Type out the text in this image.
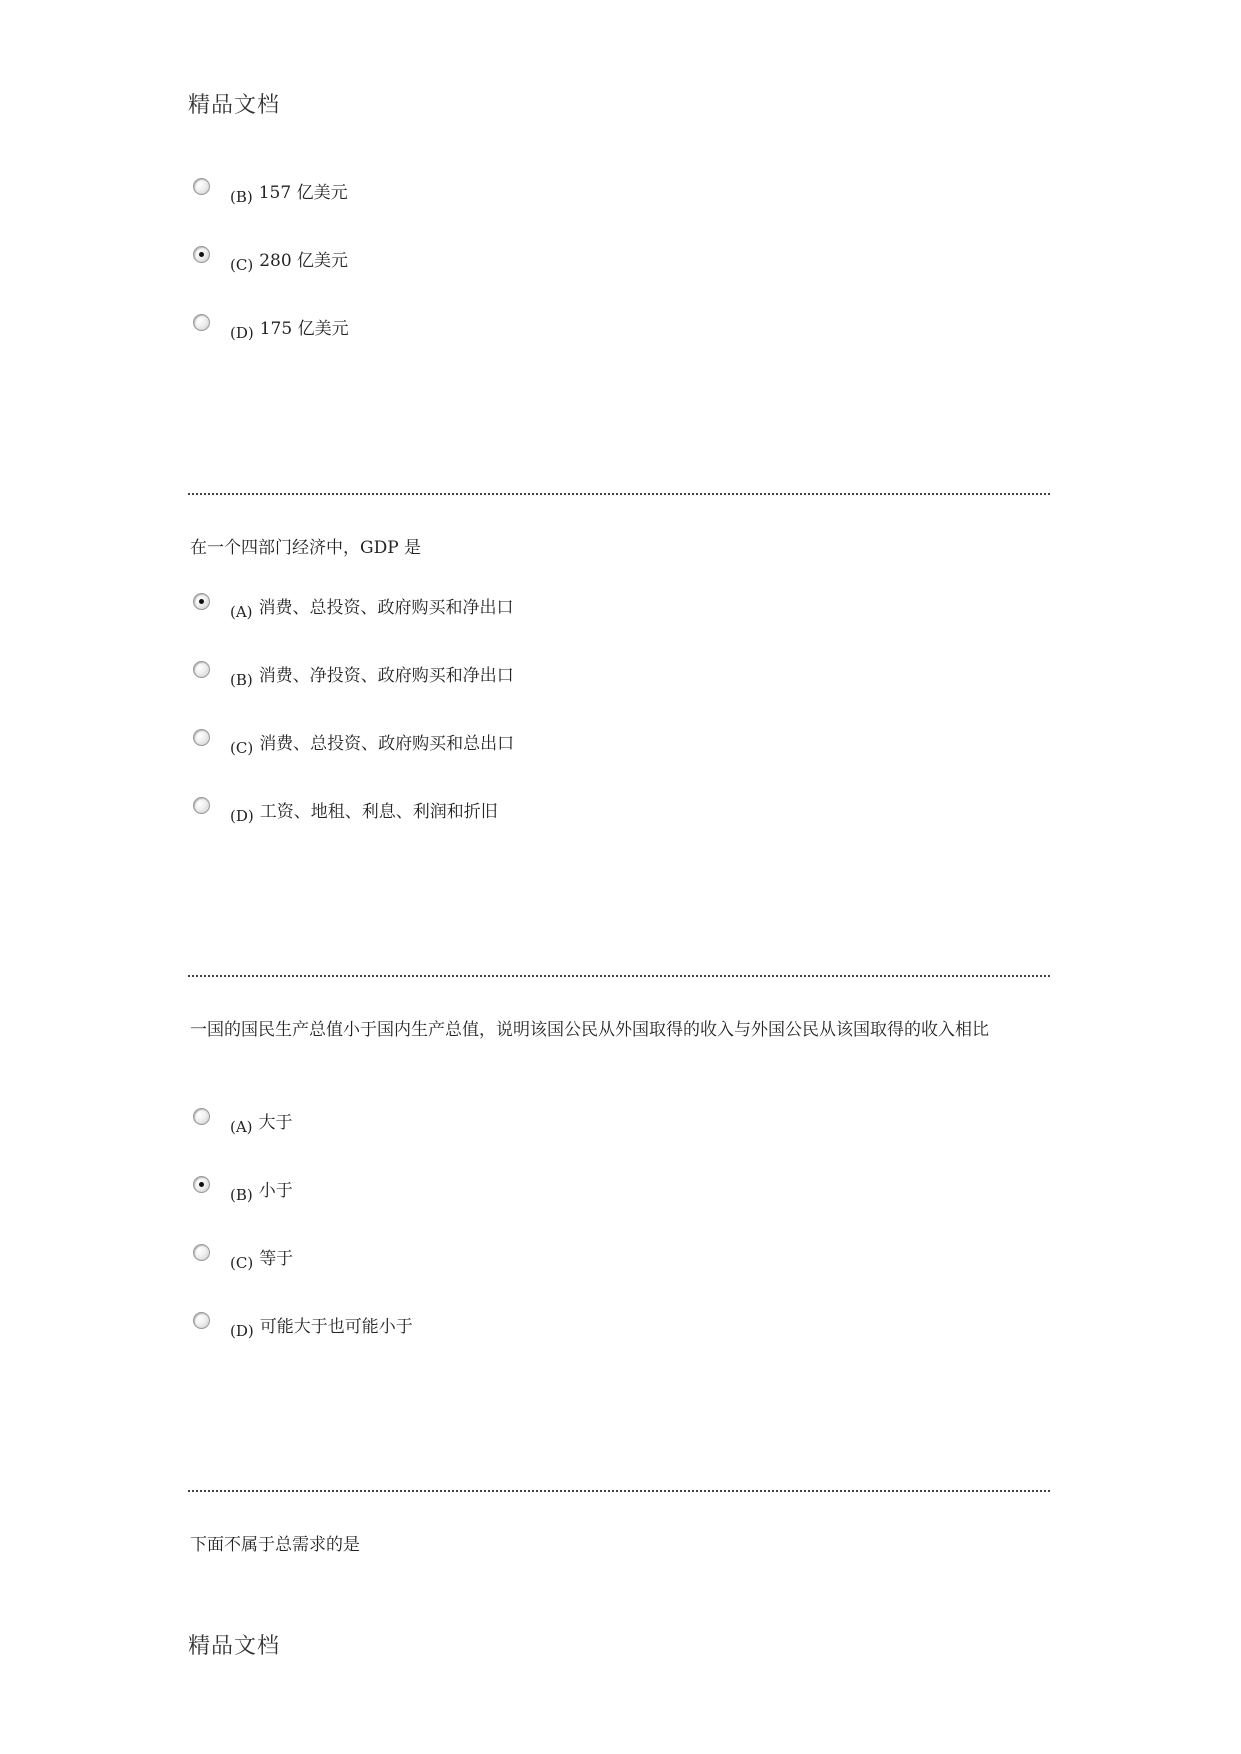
精品文档
(B) 157 亿美元
(C) 280 亿美元
(D) 175 亿美元
在一个四部门经济中，GDP 是
(A) 消费、总投资、政府购买和净出口
(B) 消费、净投资、政府购买和净出口
(C) 消费、总投资、政府购买和总出口
(D) 工资、地租、利息、利润和折旧
一国的国民生产总值小于国内生产总值，说明该国公民从外国取得的收入与外国公民从该国取得的收入相比
(A) 大于
(B) 小于
(C) 等于
(D) 可能大于也可能小于
下面不属于总需求的是
精品文档
